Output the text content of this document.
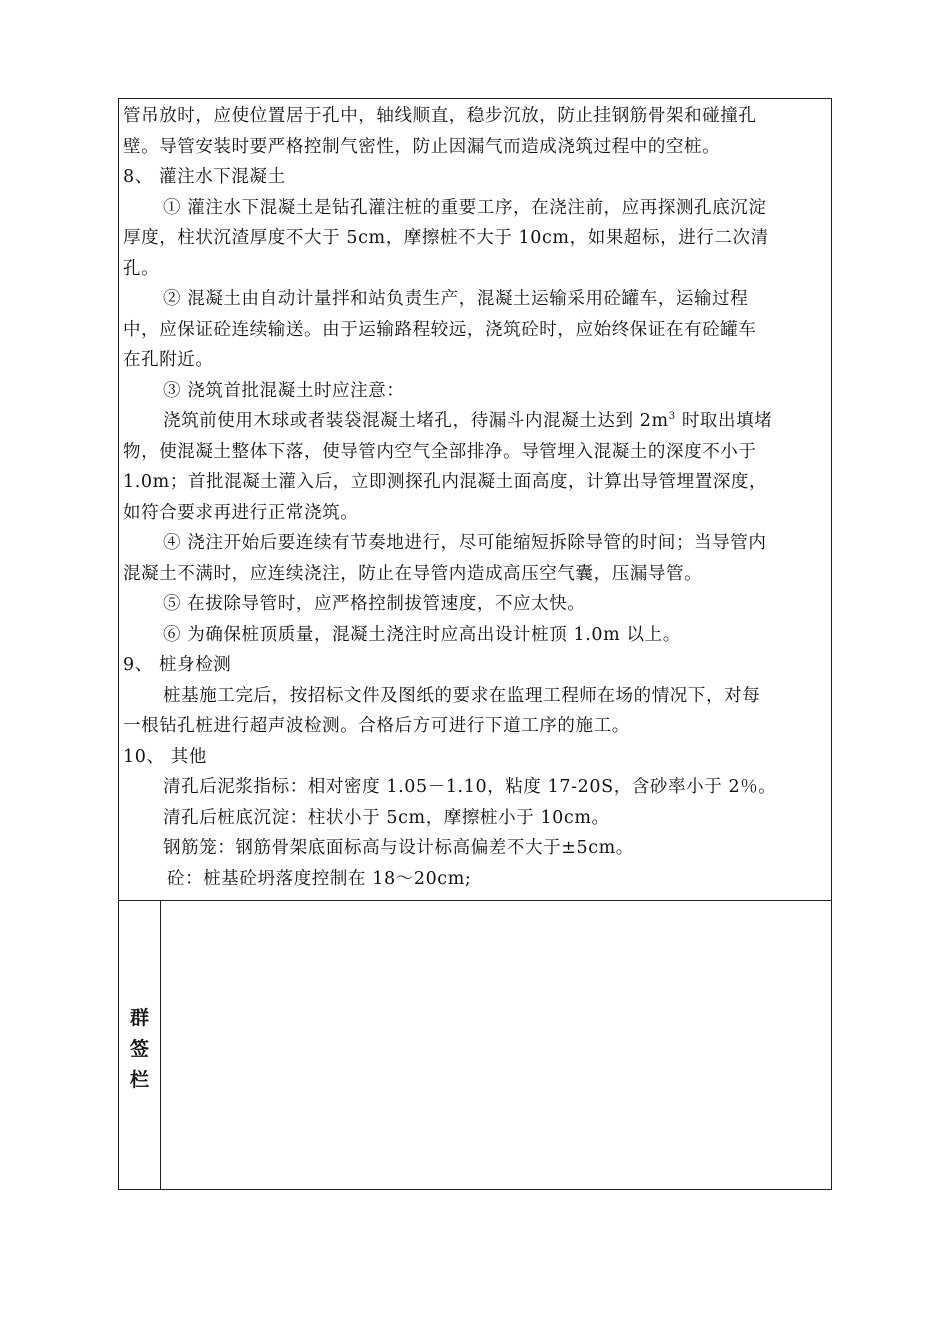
管吊放时，应使位置居于孔中，轴线顺直，稳步沉放，防止挂钢筋骨架和碰撞孔
壁。导管安装时要严格控制气密性，防止因漏气而造成浇筑过程中的空桩。
8、 灌注水下混凝土
① 灌注水下混凝土是钻孔灌注桩的重要工序，在浇注前，应再探测孔底沉淀
厚度，柱状沉渣厚度不大于 5cm，摩擦桩不大于 10cm，如果超标，进行二次清
孔。
② 混凝土由自动计量拌和站负责生产，混凝土运输采用砼罐车，运输过程
中，应保证砼连续输送。由于运输路程较远，浇筑砼时，应始终保证在有砼罐车
在孔附近。
③ 浇筑首批混凝土时应注意：
浇筑前使用木球或者装袋混凝土堵孔，待漏斗内混凝土达到 $2m^3$ 时取出填堵
物，使混凝土整体下落，使导管内空气全部排净。导管埋入混凝土的深度不小于
1.0m；首批混凝土灌入后，立即测探孔内混凝土面高度，计算出导管埋置深度，
如符合要求再进行正常浇筑。
④ 浇注开始后要连续有节奏地进行，尽可能缩短拆除导管的时间；当导管内
混凝土不满时，应连续浇注，防止在导管内造成高压空气囊，压漏导管。
⑤ 在拔除导管时，应严格控制拔管速度，不应太快。
⑥ 为确保桩顶质量，混凝土浇注时应高出设计桩顶 1.0m 以上。
9、 桩身检测
桩基施工完后，按招标文件及图纸的要求在监理工程师在场的情况下，对每
一根钻孔桩进行超声波检测。合格后方可进行下道工序的施工。
10、 其他
清孔后泥浆指标：相对密度 1.05－1.10，粘度 17-20S，含砂率小于 2％。
清孔后桩底沉淀：柱状小于 5cm，摩擦桩小于 10cm。
钢筋笼：钢筋骨架底面标高与设计标高偏差不大于±5cm。
砼：桩基砼坍落度控制在 18～20cm;
群
签
栏
